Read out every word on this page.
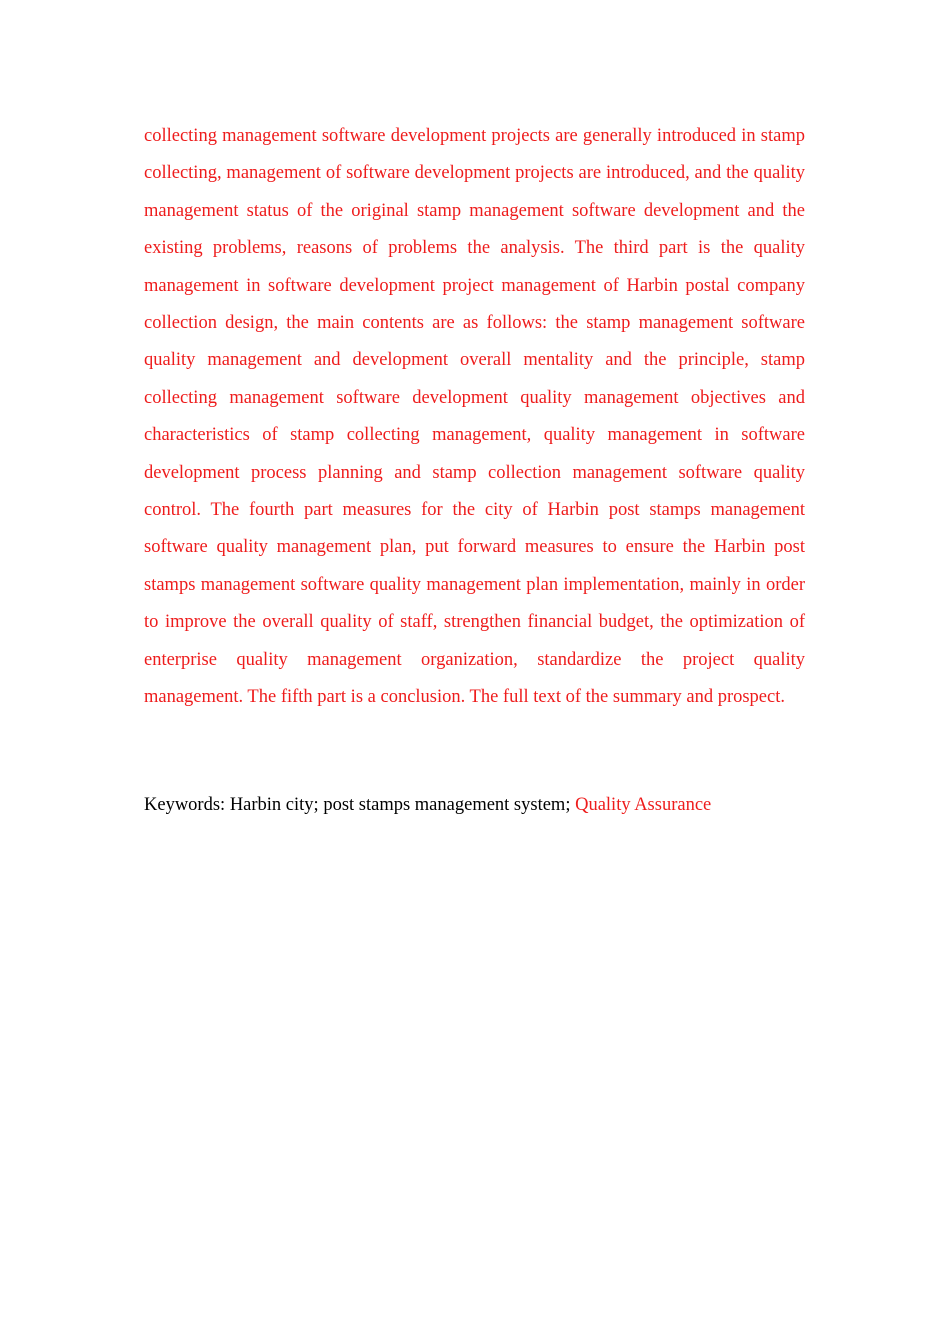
collecting management software development projects are generally introduced in stamp collecting, management of software development projects are introduced, and the quality management status of the original stamp management software development and the existing problems, reasons of problems the analysis. The third part is the quality management in software development project management of Harbin postal company collection design, the main contents are as follows: the stamp management software quality management and development overall mentality and the principle, stamp collecting management software development quality management objectives and characteristics of stamp collecting management, quality management in software development process planning and stamp collection management software quality control. The fourth part measures for the city of Harbin post stamps management software quality management plan, put forward measures to ensure the Harbin post stamps management software quality management plan implementation, mainly in order to improve the overall quality of staff, strengthen financial budget, the optimization of enterprise quality management organization, standardize the project quality management. The fifth part is a conclusion. The full text of the summary and prospect.

Keywords: Harbin city; post stamps management system; Quality Assurance
